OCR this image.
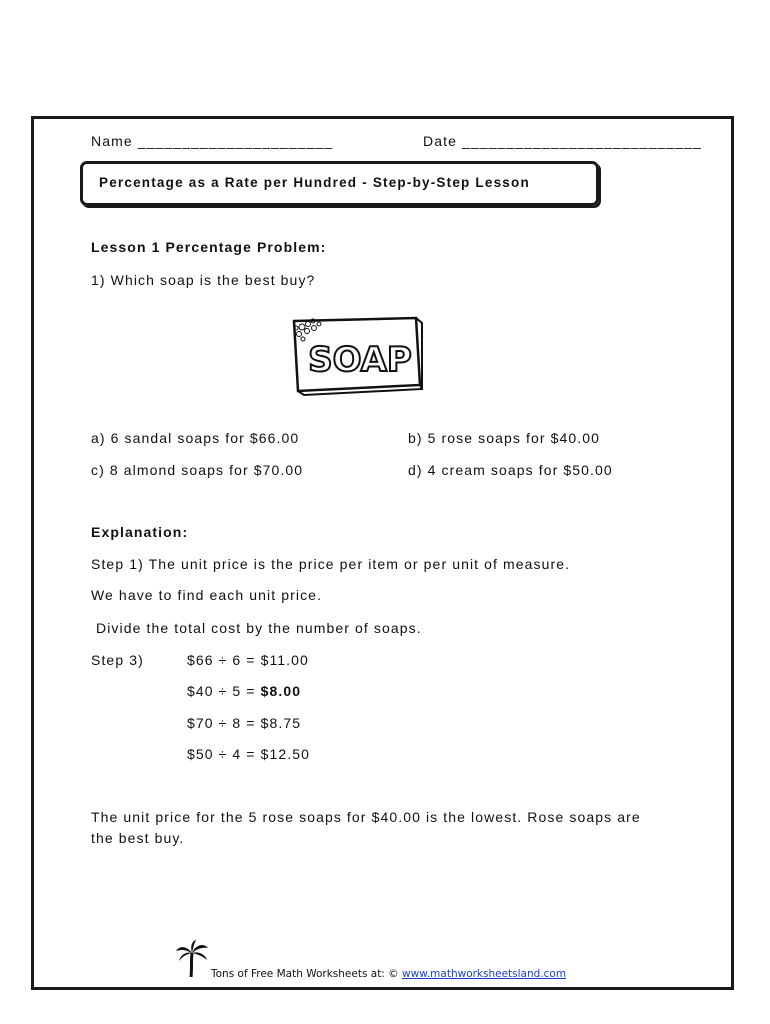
Name ______________________	Date ___________________________
Percentage as a Rate per Hundred - Step-by-Step Lesson
Lesson 1 Percentage Problem:
1) Which soap is the best buy?
SOAP
a) 6 sandal soaps for $66.00	b) 5 rose soaps for $40.00
c) 8 almond soaps for $70.00	d) 4 cream soaps for $50.00
Explanation:
Step 1) The unit price is the price per item or per unit of measure.
We have to find each unit price.
Divide the total cost by the number of soaps.
Step 3)	$66 ÷ 6 = $11.00
$40 ÷ 5 = $8.00
$70 ÷ 8 = $8.75
$50 ÷ 4 = $12.50
The unit price for the 5 rose soaps for $40.00 is the lowest. Rose soaps are
the best buy.
Tons of Free Math Worksheets at: © www.mathworksheetsland.com
